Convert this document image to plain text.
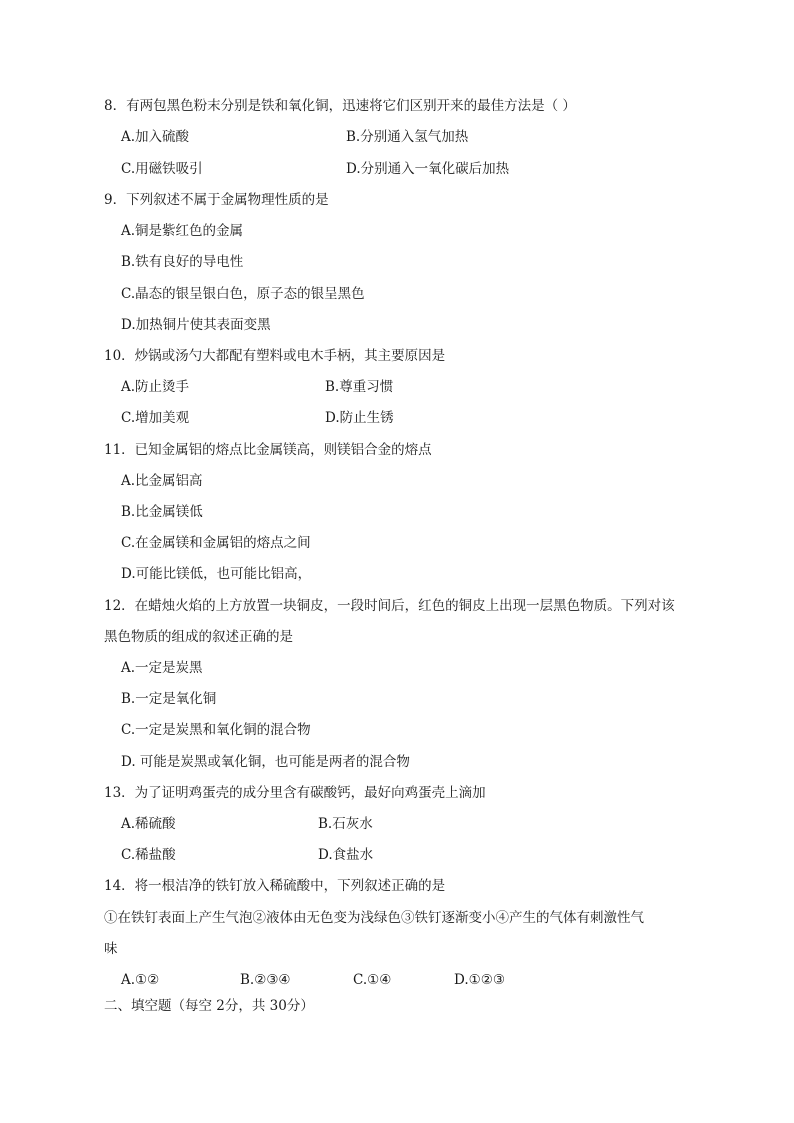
8．有两包黑色粉末分别是铁和氧化铜，迅速将它们区别开来的最佳方法是（ ）
A.加入硫酸	B.分别通入氢气加热
C.用磁铁吸引	D.分别通入一氧化碳后加热
9．下列叙述不属于金属物理性质的是
A.铜是紫红色的金属
B.铁有良好的导电性
C.晶态的银呈银白色，原子态的银呈黑色
D.加热铜片使其表面变黑
10．炒锅或汤勺大都配有塑料或电木手柄，其主要原因是
A.防止烫手	B.尊重习惯
C.增加美观	D.防止生锈
11．已知金属铝的熔点比金属镁高，则镁铝合金的熔点
A.比金属铝高
B.比金属镁低
C.在金属镁和金属铝的熔点之间
D.可能比镁低，也可能比铝高，
12．在蜡烛火焰的上方放置一块铜皮，一段时间后，红色的铜皮上出现一层黑色物质。下列对该
黑色物质的组成的叙述正确的是
A.一定是炭黑
B.一定是氧化铜
C.一定是炭黑和氧化铜的混合物
D. 可能是炭黑或氧化铜，也可能是两者的混合物
13．为了证明鸡蛋壳的成分里含有碳酸钙，最好向鸡蛋壳上滴加
A.稀硫酸	B.石灰水
C.稀盐酸	D.食盐水
14．将一根洁净的铁钉放入稀硫酸中，下列叙述正确的是
①在铁钉表面上产生气泡②液体由无色变为浅绿色③铁钉逐渐变小④产生的气体有刺激性气
味
A.①②	B.②③④	C.①④	D.①②③
二、填空题（每空 2分，共 30分）
